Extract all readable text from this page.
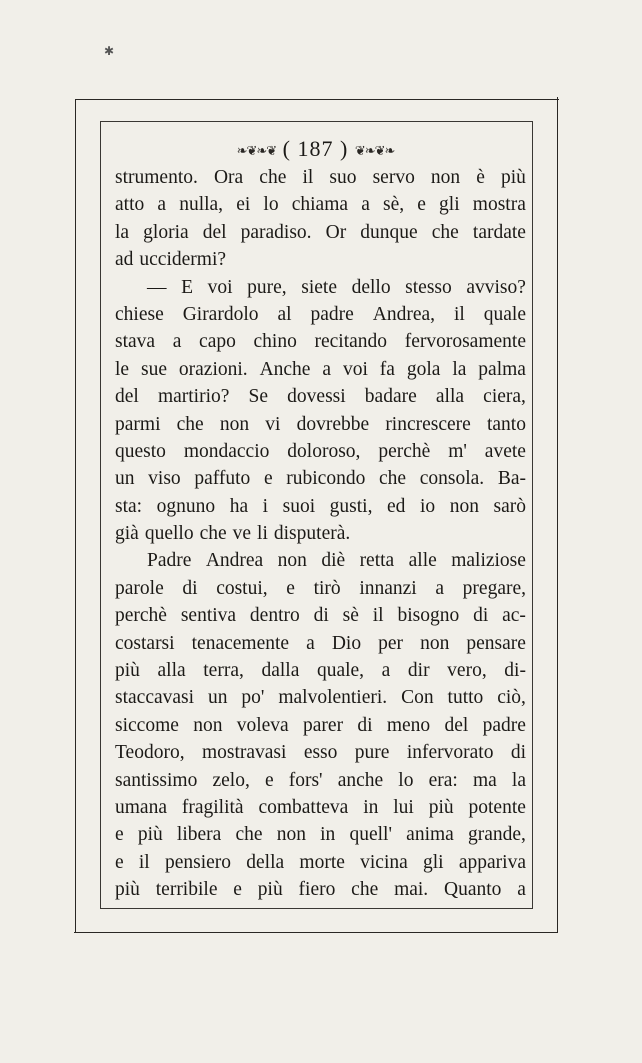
✱
❧❦❧❦ ( 187 ) ❦❧❦❧
strumento. Ora che il suo servo non è più
atto a nulla, ei lo chiama a sè, e gli mostra
la gloria del paradiso. Or dunque che tardate
ad uccidermi?
— E voi pure, siete dello stesso avviso?
chiese Girardolo al padre Andrea, il quale
stava a capo chino recitando fervorosamente
le sue orazioni. Anche a voi fa gola la palma
del martirio? Se dovessi badare alla ciera,
parmi che non vi dovrebbe rincrescere tanto
questo mondaccio doloroso, perchè m' avete
un viso paffuto e rubicondo che consola. Ba-
sta: ognuno ha i suoi gusti, ed io non sarò
già quello che ve li disputerà.
Padre Andrea non diè retta alle maliziose
parole di costui, e tirò innanzi a pregare,
perchè sentiva dentro di sè il bisogno di ac-
costarsi tenacemente a Dio per non pensare
più alla terra, dalla quale, a dir vero, di-
staccavasi un po' malvolentieri. Con tutto ciò,
siccome non voleva parer di meno del padre
Teodoro, mostravasi esso pure infervorato di
santissimo zelo, e fors' anche lo era: ma la
umana fragilità combatteva in lui più potente
e più libera che non in quell' anima grande,
e il pensiero della morte vicina gli appariva
più terribile e più fiero che mai. Quanto a
